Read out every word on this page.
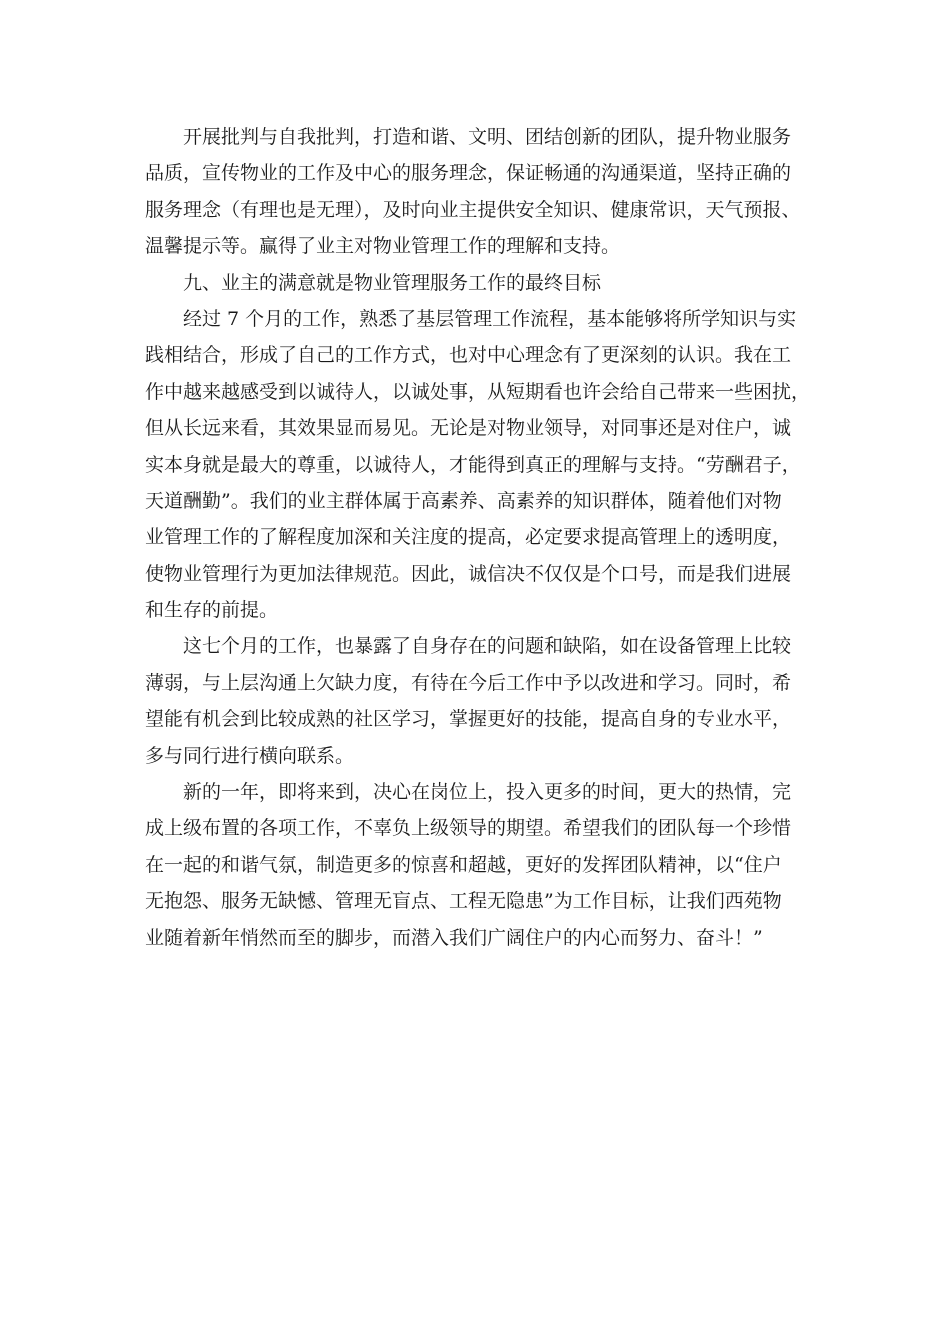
开展批判与自我批判，打造和谐、文明、团结创新的团队，提升物业服务
品质，宣传物业的工作及中心的服务理念，保证畅通的沟通渠道，坚持正确的
服务理念（有理也是无理），及时向业主提供安全知识、健康常识，天气预报、
温馨提示等。赢得了业主对物业管理工作的理解和支持。
九、业主的满意就是物业管理服务工作的最终目标
经过 7 个月的工作，熟悉了基层管理工作流程，基本能够将所学知识与实
践相结合，形成了自己的工作方式，也对中心理念有了更深刻的认识。我在工
作中越来越感受到以诚待人，以诚处事，从短期看也许会给自己带来一些困扰，
但从长远来看，其效果显而易见。无论是对物业领导，对同事还是对住户，诚
实本身就是最大的尊重，以诚待人，才能得到真正的理解与支持。“劳酬君子，
天道酬勤”。我们的业主群体属于高素养、高素养的知识群体，随着他们对物
业管理工作的了解程度加深和关注度的提高，必定要求提高管理上的透明度，
使物业管理行为更加法律规范。因此，诚信决不仅仅是个口号，而是我们进展
和生存的前提。
这七个月的工作，也暴露了自身存在的问题和缺陷，如在设备管理上比较
薄弱，与上层沟通上欠缺力度，有待在今后工作中予以改进和学习。同时，希
望能有机会到比较成熟的社区学习，掌握更好的技能，提高自身的专业水平，
多与同行进行横向联系。
新的一年，即将来到，决心在岗位上，投入更多的时间，更大的热情，完
成上级布置的各项工作，不辜负上级领导的期望。希望我们的团队每一个珍惜
在一起的和谐气氛，制造更多的惊喜和超越，更好的发挥团队精神，以“住户
无抱怨、服务无缺憾、管理无盲点、工程无隐患”为工作目标，让我们西苑物
业随着新年悄然而至的脚步，而潜入我们广阔住户的内心而努力、奋斗！”
